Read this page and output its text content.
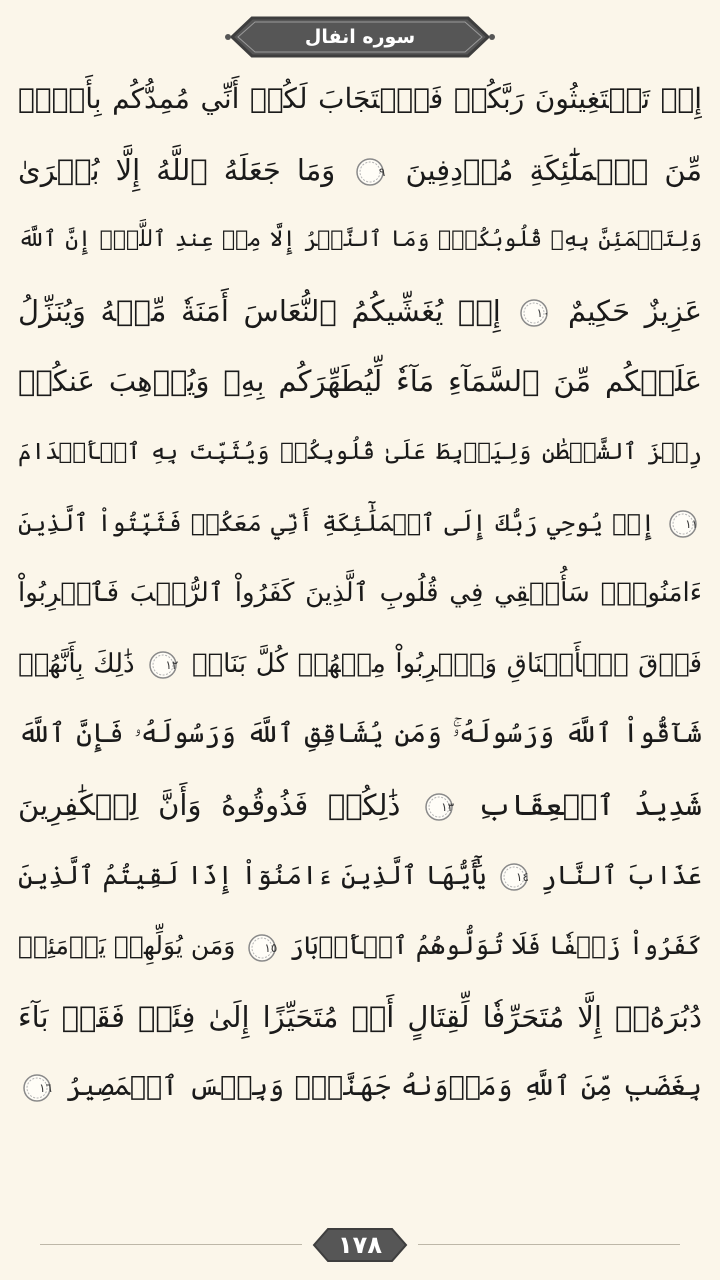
سوره انفال
إِذۡ تَسۡتَغِيثُونَ رَبَّكُمۡ فَٱسۡتَجَابَ لَكُمۡ أَنِّي مُمِدُّكُم بِأَلۡفٖ
مِّنَ ٱلۡمَلَٰٓئِكَةِ مُرۡدِفِينَ
٩
وَمَا جَعَلَهُ ٱللَّهُ إِلَّا بُشۡرَىٰ
وَلِتَطۡمَئِنَّ بِهِۦ قُلُوبُكُمۡۚ وَمَا ٱلنَّصۡرُ إِلَّا مِنۡ عِندِ ٱللَّهِۚ إِنَّ ٱللَّهَ
عَزِيزٌ حَكِيمٌ
١٠
إِذۡ يُغَشِّيكُمُ ٱلنُّعَاسَ أَمَنَةٗ مِّنۡهُ وَيُنَزِّلُ
عَلَيۡكُم مِّنَ ٱلسَّمَآءِ مَآءٗ لِّيُطَهِّرَكُم بِهِۦ وَيُذۡهِبَ عَنكُمۡ
رِجۡزَ ٱلشَّيۡطَٰنِ وَلِيَرۡبِطَ عَلَىٰ قُلُوبِكُمۡ وَيُثَبِّتَ بِهِ ٱلۡأَقۡدَامَ
١١
إِذۡ يُوحِي رَبُّكَ إِلَى ٱلۡمَلَٰٓئِكَةِ أَنِّي مَعَكُمۡ فَثَبِّتُواْ ٱلَّذِينَ
ءَامَنُواْۚ سَأُلۡقِي فِي قُلُوبِ ٱلَّذِينَ كَفَرُواْ ٱلرُّعۡبَ فَٱضۡرِبُواْ
فَوۡقَ ٱلۡأَعۡنَاقِ وَٱضۡرِبُواْ مِنۡهُمۡ كُلَّ بَنَانٖ
١٢
ذَٰلِكَ بِأَنَّهُمۡ
شَآقُّواْ ٱللَّهَ وَرَسُولَهُۥۚ وَمَن يُشَاقِقِ ٱللَّهَ وَرَسُولَهُۥ فَإِنَّ ٱللَّهَ
شَدِيدُ ٱلۡعِقَابِ
١٣
ذَٰلِكُمۡ فَذُوقُوهُ وَأَنَّ لِلۡكَٰفِرِينَ
عَذَابَ ٱلنَّارِ
١٤
يَٰٓأَيُّهَا ٱلَّذِينَ ءَامَنُوٓاْ إِذَا لَقِيتُمُ ٱلَّذِينَ
كَفَرُواْ زَحۡفٗا فَلَا تُوَلُّوهُمُ ٱلۡأَدۡبَارَ
١٥
وَمَن يُوَلِّهِمۡ يَوۡمَئِذٖ
دُبُرَهُۥٓ إِلَّا مُتَحَرِّفٗا لِّقِتَالٍ أَوۡ مُتَحَيِّزًا إِلَىٰ فِئَةٖ فَقَدۡ بَآءَ
بِغَضَبٖ مِّنَ ٱللَّهِ وَمَأۡوَىٰهُ جَهَنَّمُۖ وَبِئۡسَ ٱلۡمَصِيرُ
١٦
١٧٨
